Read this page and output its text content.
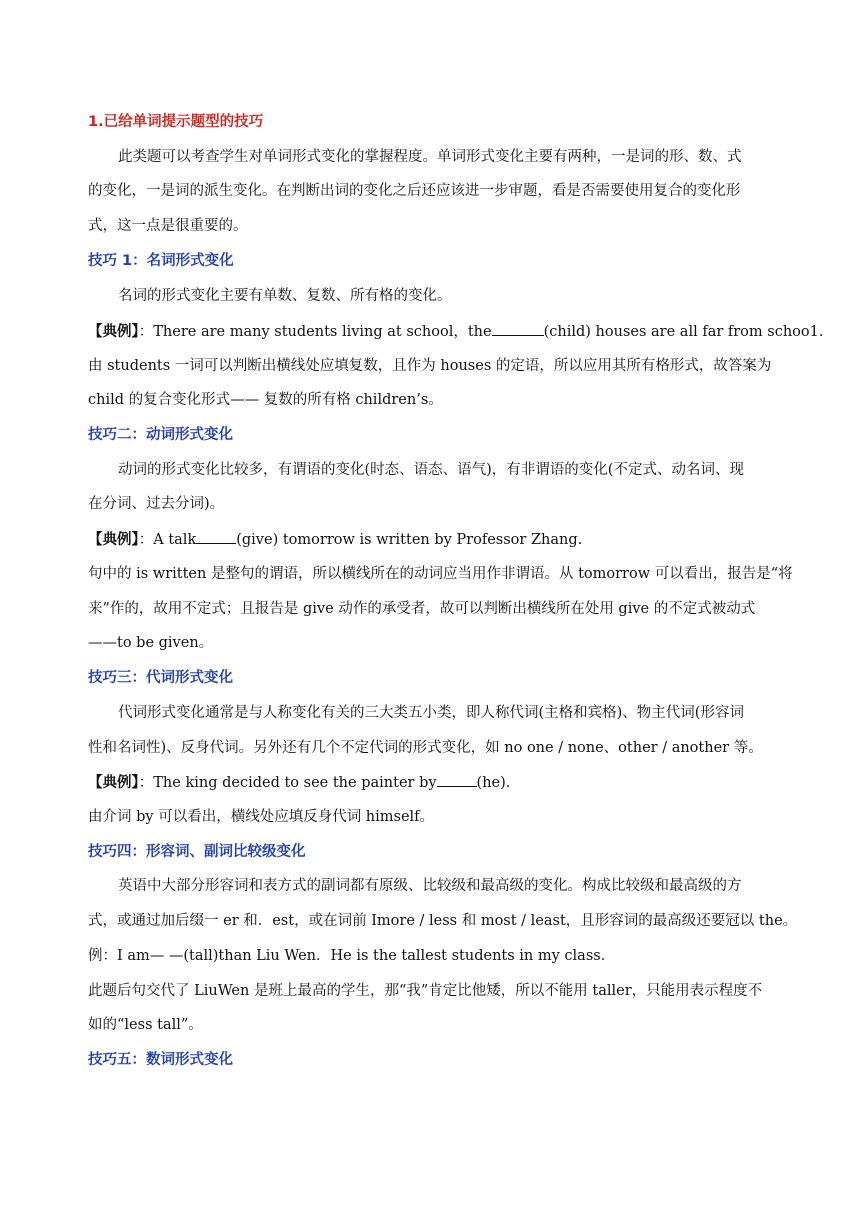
1.已给单词提示题型的技巧
此类题可以考查学生对单词形式变化的掌握程度。单词形式变化主要有两种，一是词的形、数、式
的变化，一是词的派生变化。在判断出词的变化之后还应该进一步审题，看是否需要使用复合的变化形
式，这一点是很重要的。
技巧 1：名词形式变化
名词的形式变化主要有单数、复数、所有格的变化。
【典例】：There are many students living at school，the	(child) houses are all far from schoo1.
由 students 一词可以判断出横线处应填复数，且作为 houses 的定语，所以应用其所有格形式，故答案为
child 的复合变化形式—— 复数的所有格 children’s。
技巧二：动词形式变化
动词的形式变化比较多，有谓语的变化(时态、语态、语气)，有非谓语的变化(不定式、动名词、现
在分词、过去分词)。
【典例】：A talk	(give) tomorrow is written by Professor Zhang.
句中的 is written 是整句的谓语，所以横线所在的动词应当用作非谓语。从 tomorrow 可以看出，报告是“将
来”作的，故用不定式；且报告是 give 动作的承受者，故可以判断出横线所在处用 give 的不定式被动式
——to be given。
技巧三：代词形式变化
代词形式变化通常是与人称变化有关的三大类五小类，即人称代词(主格和宾格)、物主代词(形容词
性和名词性)、反身代词。另外还有几个不定代词的形式变化，如 no one / none、other / another 等。
【典例】：The king decided to see the painter by	(he).
由介词 by 可以看出，横线处应填反身代词 himself。
技巧四：形容词、副词比较级变化
英语中大部分形容词和表方式的副词都有原级、比较级和最高级的变化。构成比较级和最高级的方
式，或通过加后缀一 er 和．est，或在词前 Imore / less 和 most / least，且形容词的最高级还要冠以 the。
例：I am— —(tall)than Liu Wen．He is the tallest students in my class．
此题后句交代了 LiuWen 是班上最高的学生，那“我”肯定比他矮，所以不能用 taller，只能用表示程度不
如的“less tall”。
技巧五：数词形式变化
